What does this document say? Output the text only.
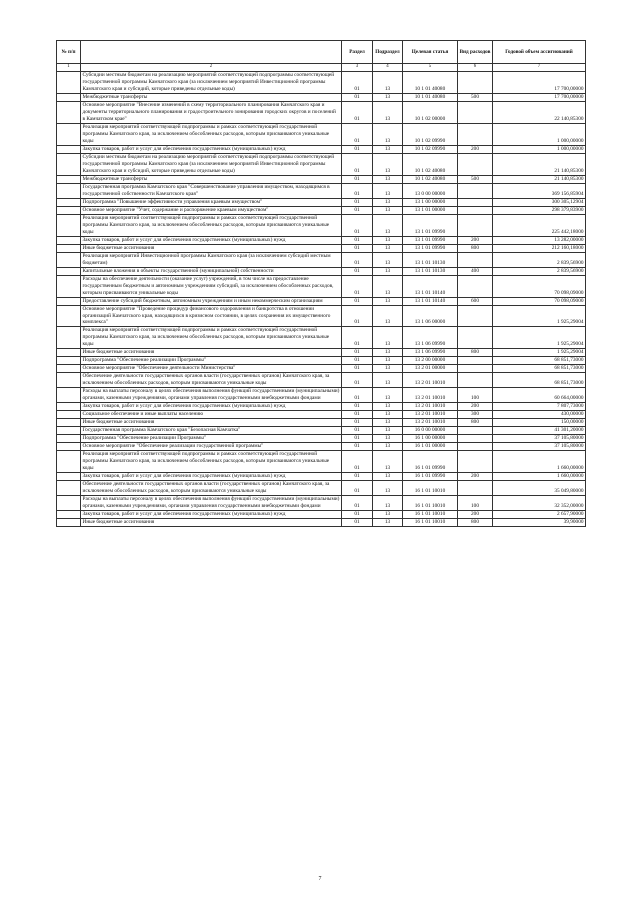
№ п/п		Раздел	Подраздел	Целевая статья	Вид расходов	Годовой объем ассигнований
1	2	3	4	5	6	7
	Субсидии местным бюджетам на реализацию мероприятий соответствующей подпрограммы соответствующей государственной программы Камчатского края (за исключением мероприятий Инвестиционной программы Камчатского края и субсидий, которые приведены отдельные коды)	01	13	10 1 01 40080		17 700,00000
	Межбюджетные трансферты	01	13	10 1 01 40080	500	17 700,00000
	Основное мероприятие "Внесение изменений в схему территориального планирования Камчатского края и документы территориального планирования и градостроительного зонирования городских округов и поселений в Камчатском крае"	01	13	10 1 02 00000		22 140,85300
	Реализация мероприятий соответствующей подпрограммы и рамках соответствующей государственной программы Камчатского края, за исключением обособленных расходов, которым присваиваются уникальные коды	01	13	10 1 02 09990		1 000,00000
	Закупка товаров, работ и услуг для обеспечения государственных (муниципальных) нужд	01	13	10 1 02 09990	200	1 000,00000
	Субсидии местным бюджетам на реализацию мероприятий соответствующей подпрограммы соответствующей государственной программы Камчатского края (за исключением мероприятий Инвестиционной программы Камчатского края и субсидий, которые приведены отдельные коды)	01	13	10 1 02 40080		21 140,85300
	Межбюджетные трансферты	01	13	10 1 02 40080	500	21 140,85300
	Государственная программа Камчатского края "Совершенствование управления имуществом, находящимся в государственной собственности Камчатского края"	01	13	13 0 00 00000		369 156,85904
	Подпрограмма "Повышение эффективности управления краевым имуществом"	01	13	13 1 00 00000		300 305,12904
	Основное мероприятие "Учет, содержание и распоряжение краевым имуществом"	01	13	13 1 01 00000		298 379,83900
	Реализация мероприятий соответствующей подпрограммы и рамках соответствующей государственной программы Камчатского края, за исключением обособленных расходов, которым присваиваются уникальные коды	01	13	13 1 01 09990		225 442,18000
	Закупка товаров, работ и услуг для обеспечения государственных (муниципальных) нужд	01	13	13 1 01 09990	200	13 282,00000
	Иные бюджетные ассигнования	01	13	13 1 01 09990	800	212 160,18000
	Реализация мероприятий Инвестиционной программы Камчатского края (за исключением субсидий местным бюджетам)	01	13	13 1 01 10130		2 839,56900
	Капитальные вложения в объекты государственной (муниципальной) собственности	01	13	13 1 01 10130	400	2 839,56900
	Расходы на обеспечение деятельности (оказание услуг) учреждений, в том числе на предоставление государственным бюджетным и автономным учреждениям субсидий, за исключением обособленных расходов, которым присваиваются уникальные коды	01	13	13 1 01 10140		70 098,09000
	Предоставление субсидий бюджетным, автономным учреждениям и иным некоммерческим организациям	01	13	13 1 01 10140	600	70 098,09000
	Основное мероприятие "Проведение процедур финансового оздоровления и банкротства в отношении организаций Камчатского края, находящихся в кризисном состоянии, в целях сохранения их имущественного комплекса"	01	13	13 1 06 00000		1 925,29004
	Реализация мероприятий соответствующей подпрограммы и рамках соответствующей государственной программы Камчатского края, за исключением обособленных расходов, которым присваиваются уникальные коды	01	13	13 1 06 09990		1 925,29004
	Иные бюджетные ассигнования	01	13	13 1 06 09990	800	1 925,29004
	Подпрограмма "Обеспечение реализации Программы"	01	13	13 2 00 00000		68 851,73000
	Основное мероприятие "Обеспечение деятельности Министерства"	01	13	13 2 01 00000		68 851,73000
	Обеспечение деятельности государственных органов власти (государственных органов) Камчатского края, за исключением обособленных расходов, которым присваиваются уникальные коды	01	13	13 2 01 10010		68 851,73000
	Расходы на выплаты персоналу в целях обеспечения выполнения функций государственными (муниципальными) органами, казенными учреждениями, органами управления государственными внебюджетными фондами	01	13	13 2 01 10010	100	60 664,00000
	Закупка товаров, работ и услуг для обеспечения государственных (муниципальных) нужд	01	13	13 2 01 10010	200	7 807,73000
	Социальное обеспечение и иные выплаты населению	01	13	13 2 01 10010	300	430,00000
	Иные бюджетные ассигнования	01	13	13 2 01 10010	800	150,00000
	Государственная программа Камчатского края "Безопасная Камчатка"	01	13	16 0 00 00000		41 301,20000
	Подпрограмма "Обеспечение реализации Программы"	01	13	16 1 00 00000		37 105,80000
	Основное мероприятие "Обеспечение реализации государственной программы"	01	13	16 1 01 00000		37 105,80000
	Реализация мероприятий соответствующей подпрограммы и рамках соответствующей государственной программы Камчатского края, за исключением обособленных расходов, которым присваиваются уникальные коды	01	13	16 1 01 09990		1 660,00000
	Закупка товаров, работ и услуг для обеспечения государственных (муниципальных) нужд	01	13	16 1 01 09990	200	1 660,00000
	Обеспечение деятельности государственных органов власти (государственных органов) Камчатского края, за исключением обособленных расходов, которым присваиваются уникальные коды	01	13	16 1 01 10010		35 049,80000
	Расходы на выплаты персоналу в целях обеспечения выполнения функций государственными (муниципальными) органами, казенными учреждениями, органами управления государственными внебюджетными фондами	01	13	16 1 01 10010	100	32 352,00000
	Закупка товаров, работ и услуг для обеспечения государственных (муниципальных) нужд	01	13	16 1 01 10010	200	2 657,90000
	Иные бюджетные ассигнования	01	13	16 1 01 10010	800	39,90000
7
